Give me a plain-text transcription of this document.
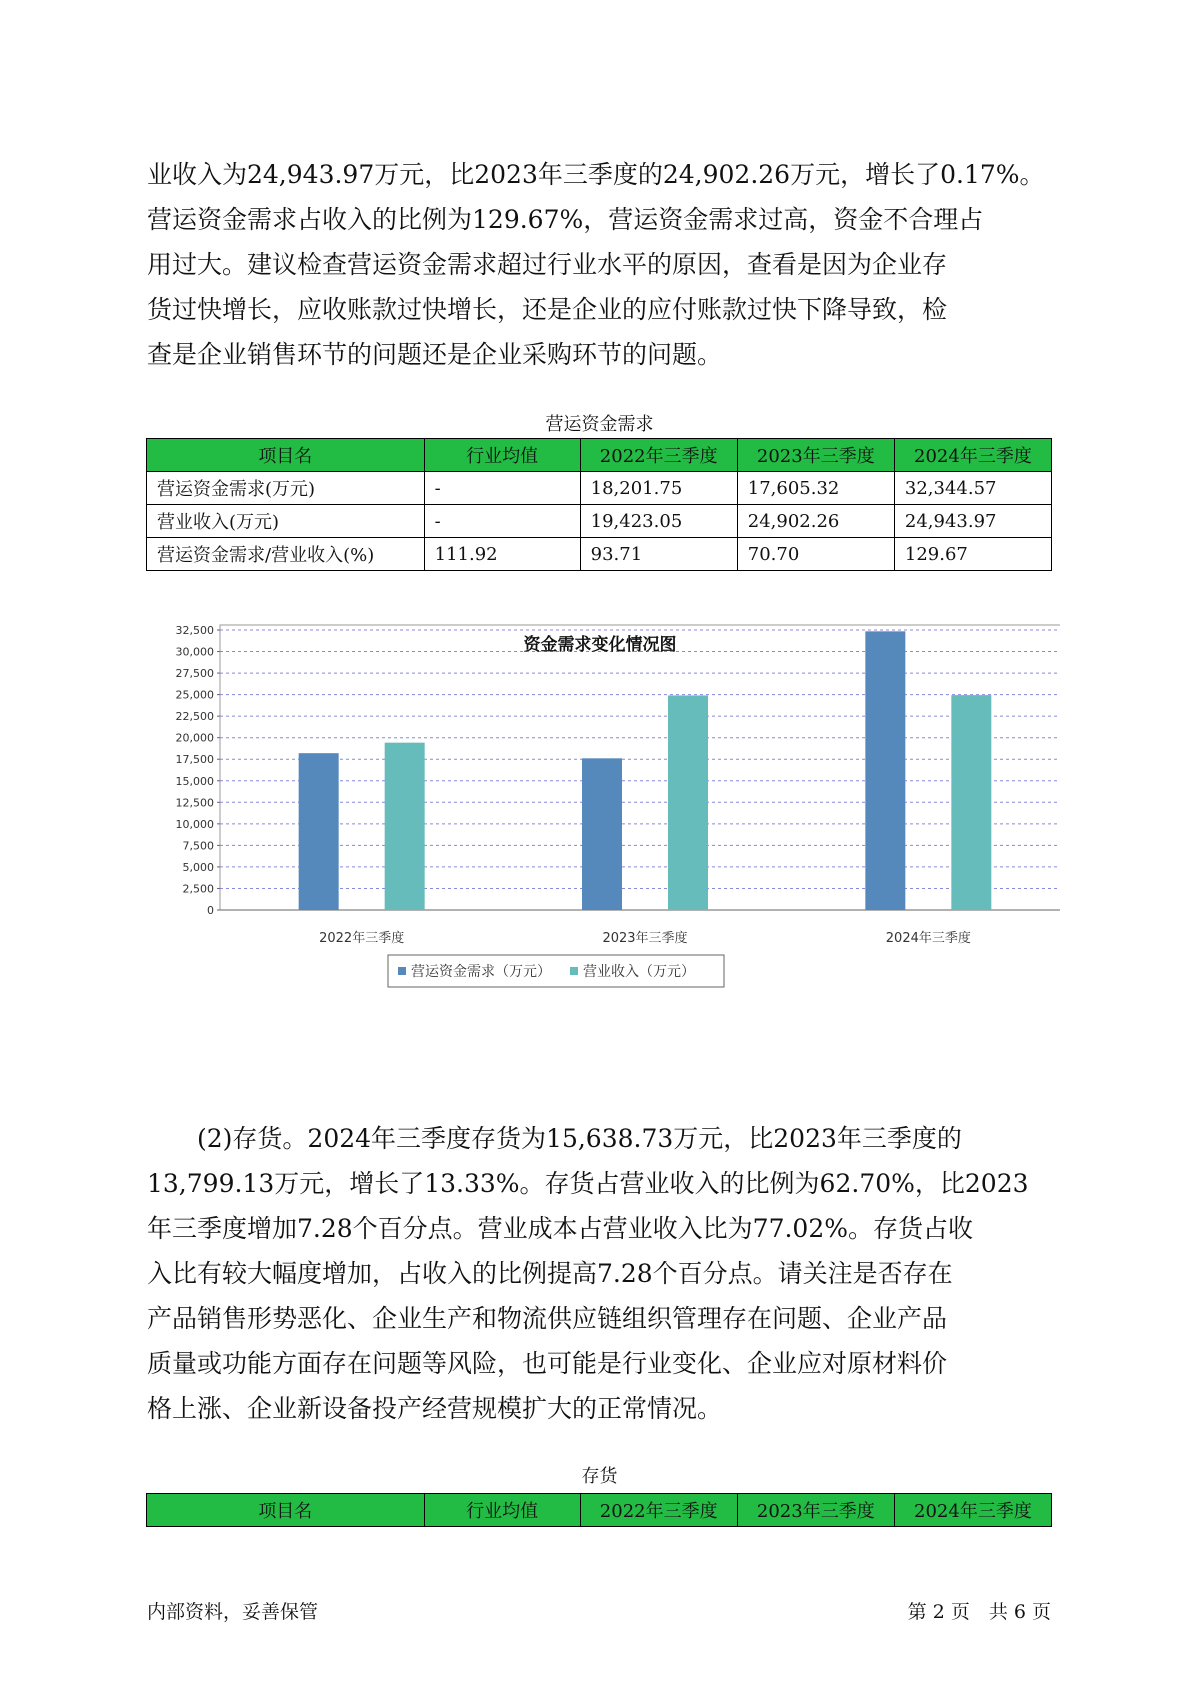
业收入为24,943.97万元，比2023年三季度的24,902.26万元，增长了0.17%。
营运资金需求占收入的比例为129.67%，营运资金需求过高，资金不合理占
用过大。建议检查营运资金需求超过行业水平的原因，查看是因为企业存
货过快增长，应收账款过快增长，还是企业的应付账款过快下降导致，检
查是企业销售环节的问题还是企业采购环节的问题。

营运资金需求
项目名	行业均值	2022年三季度	2023年三季度	2024年三季度
营运资金需求(万元)	-	18,201.75	17,605.32	32,344.57
营业收入(万元)	-	19,423.05	24,902.26	24,943.97
营运资金需求/营业收入(%)	111.92	93.71	70.70	129.67
资金需求变化情况图
0
2,500
5,000
7,500
10,000
12,500
15,000
17,500
20,000
22,500
25,000
27,500
30,000
32,500
2022年三季度	2023年三季度	2024年三季度
营运资金需求（万元） 营业收入（万元）

　　(2)存货。2024年三季度存货为15,638.73万元，比2023年三季度的
13,799.13万元，增长了13.33%。存货占营业收入的比例为62.70%，比2023
年三季度增加7.28个百分点。营业成本占营业收入比为77.02%。存货占收
入比有较大幅度增加，占收入的比例提高7.28个百分点。请关注是否存在
产品销售形势恶化、企业生产和物流供应链组织管理存在问题、企业产品
质量或功能方面存在问题等风险，也可能是行业变化、企业应对原材料价
格上涨、企业新设备投产经营规模扩大的正常情况。

存货
项目名	行业均值	2022年三季度	2023年三季度	2024年三季度
内部资料，妥善保管	第 2 页　共 6 页
